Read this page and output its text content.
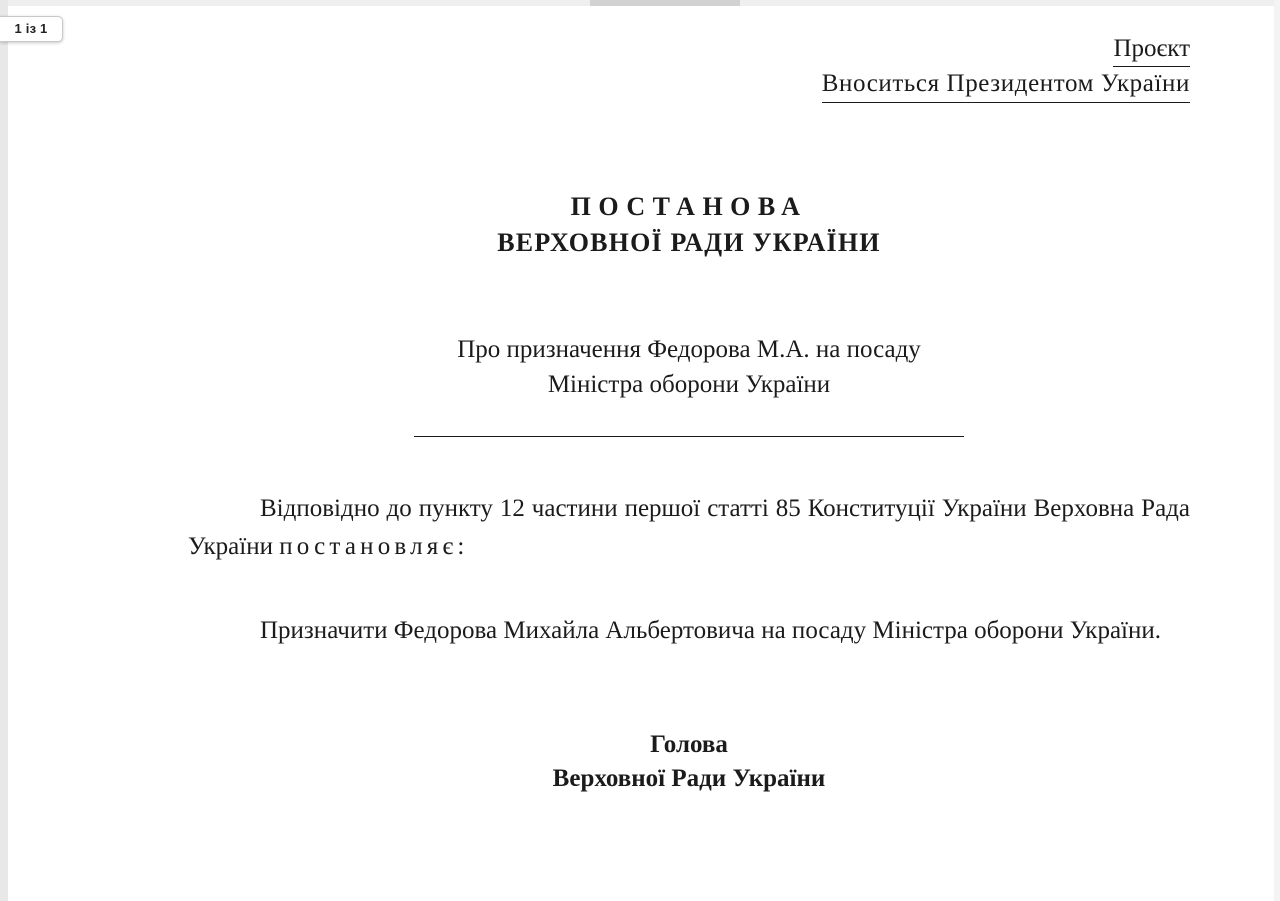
Проєкт
Вноситься Президентом України
ПОСТАНОВА
ВЕРХОВНОЇ РАДИ УКРАЇНИ
Про призначення Федорова М.А. на посаду
Міністра оборони України

Відповідно до пункту 12 частини першої статті 85 Конституції України Верховна Рада України постановляє:

Призначити Федорова Михайла Альбертовича на посаду Міністра оборони України.

Голова
Верховної Ради України
1 із 1
